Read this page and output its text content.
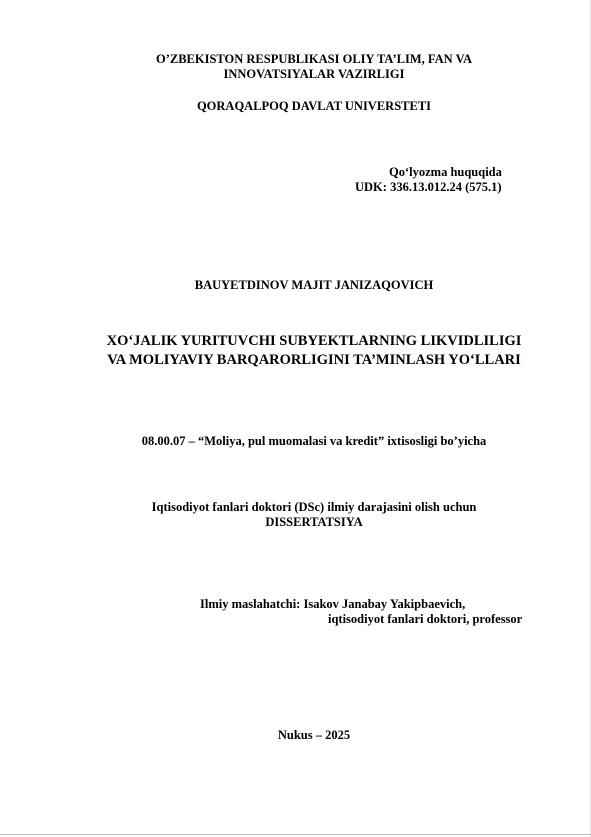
O’ZBEKISTON RESPUBLIKASI OLIY TA’LIM, FAN VA
INNOVATSIYALAR VAZIRLIGI
QORAQALPOQ DAVLAT UNIVERSTETI
Qo‘lyozma huquqida
UDK: 336.13.012.24 (575.1)
BAUYETDINOV MAJIT JANIZAQOVICH
XO‘JALIK YURITUVCHI SUBYEKTLARNING LIKVIDLILIGI
VA MOLIYAVIY BARQARORLIGINI TA’MINLASH YO‘LLARI
08.00.07 – “Moliya, pul muomalasi va kredit” ixtisosligi bo’yicha
Iqtisodiyot fanlari doktori (DSc) ilmiy darajasini olish uchun
DISSERTATSIYA
Ilmiy maslahatchi: Isakov Janabay Yakipbaevich,
iqtisodiyot fanlari doktori, professor
Nukus – 2025
